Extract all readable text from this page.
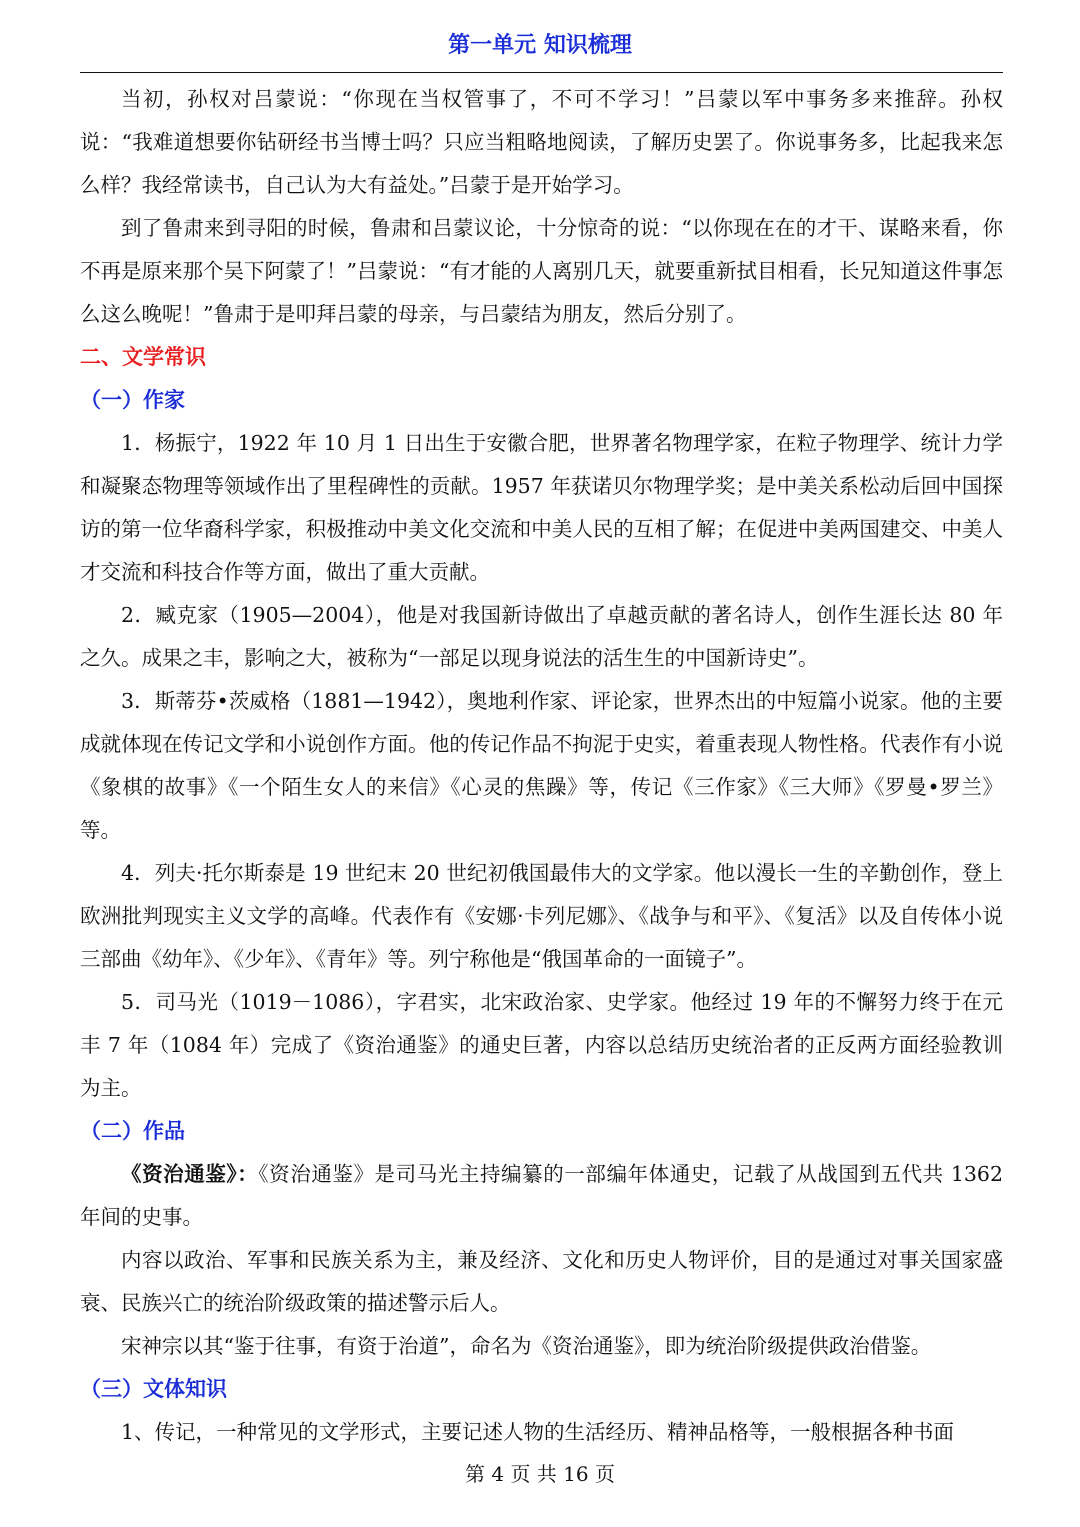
第一单元 知识梳理

当初，孙权对吕蒙说：“你现在当权管事了，不可不学习！”吕蒙以军中事务多来推辞。孙权说：“我难道想要你钻研经书当博士吗？只应当粗略地阅读，了解历史罢了。你说事务多，比起我来怎么样？我经常读书，自己认为大有益处。”吕蒙于是开始学习。

到了鲁肃来到寻阳的时候，鲁肃和吕蒙议论，十分惊奇的说：“以你现在在的才干、谋略来看，你不再是原来那个吴下阿蒙了！”吕蒙说：“有才能的人离别几天，就要重新拭目相看，长兄知道这件事怎么这么晚呢！”鲁肃于是叩拜吕蒙的母亲，与吕蒙结为朋友，然后分别了。

二、文学常识
（一）作家

1．杨振宁，1922 年 10 月 1 日出生于安徽合肥，世界著名物理学家，在粒子物理学、统计力学和凝聚态物理等领域作出了里程碑性的贡献。1957 年获诺贝尔物理学奖；是中美关系松动后回中国探访的第一位华裔科学家，积极推动中美文化交流和中美人民的互相了解；在促进中美两国建交、中美人才交流和科技合作等方面，做出了重大贡献。

2．臧克家（1905—2004），他是对我国新诗做出了卓越贡献的著名诗人，创作生涯长达 80 年之久。成果之丰，影响之大，被称为“一部足以现身说法的活生生的中国新诗史”。

3．斯蒂芬•茨威格（1881—1942），奥地利作家、评论家，世界杰出的中短篇小说家。他的主要成就体现在传记文学和小说创作方面。他的传记作品不拘泥于史实，着重表现人物性格。代表作有小说《象棋的故事》《一个陌生女人的来信》《心灵的焦躁》等，传记《三作家》《三大师》《罗曼•罗兰》等。

4．列夫·托尔斯泰是 19 世纪末 20 世纪初俄国最伟大的文学家。他以漫长一生的辛勤创作，登上欧洲批判现实主义文学的高峰。代表作有《安娜·卡列尼娜》、《战争与和平》、《复活》以及自传体小说三部曲《幼年》、《少年》、《青年》等。列宁称他是“俄国革命的一面镜子”。

5．司马光（1019－1086），字君实，北宋政治家、史学家。他经过 19 年的不懈努力终于在元丰 7 年（1084 年）完成了《资治通鉴》的通史巨著，内容以总结历史统治者的正反两方面经验教训为主。

（二）作品

《资治通鉴》：《资治通鉴》是司马光主持编纂的一部编年体通史，记载了从战国到五代共 1362 年间的史事。

内容以政治、军事和民族关系为主，兼及经济、文化和历史人物评价，目的是通过对事关国家盛衰、民族兴亡的统治阶级政策的描述警示后人。

宋神宗以其“鉴于往事，有资于治道”，命名为《资治通鉴》，即为统治阶级提供政治借鉴。

（三）文体知识

1、传记，一种常见的文学形式，主要记述人物的生活经历、精神品格等，一般根据各种书面

第 4 页 共 16 页
